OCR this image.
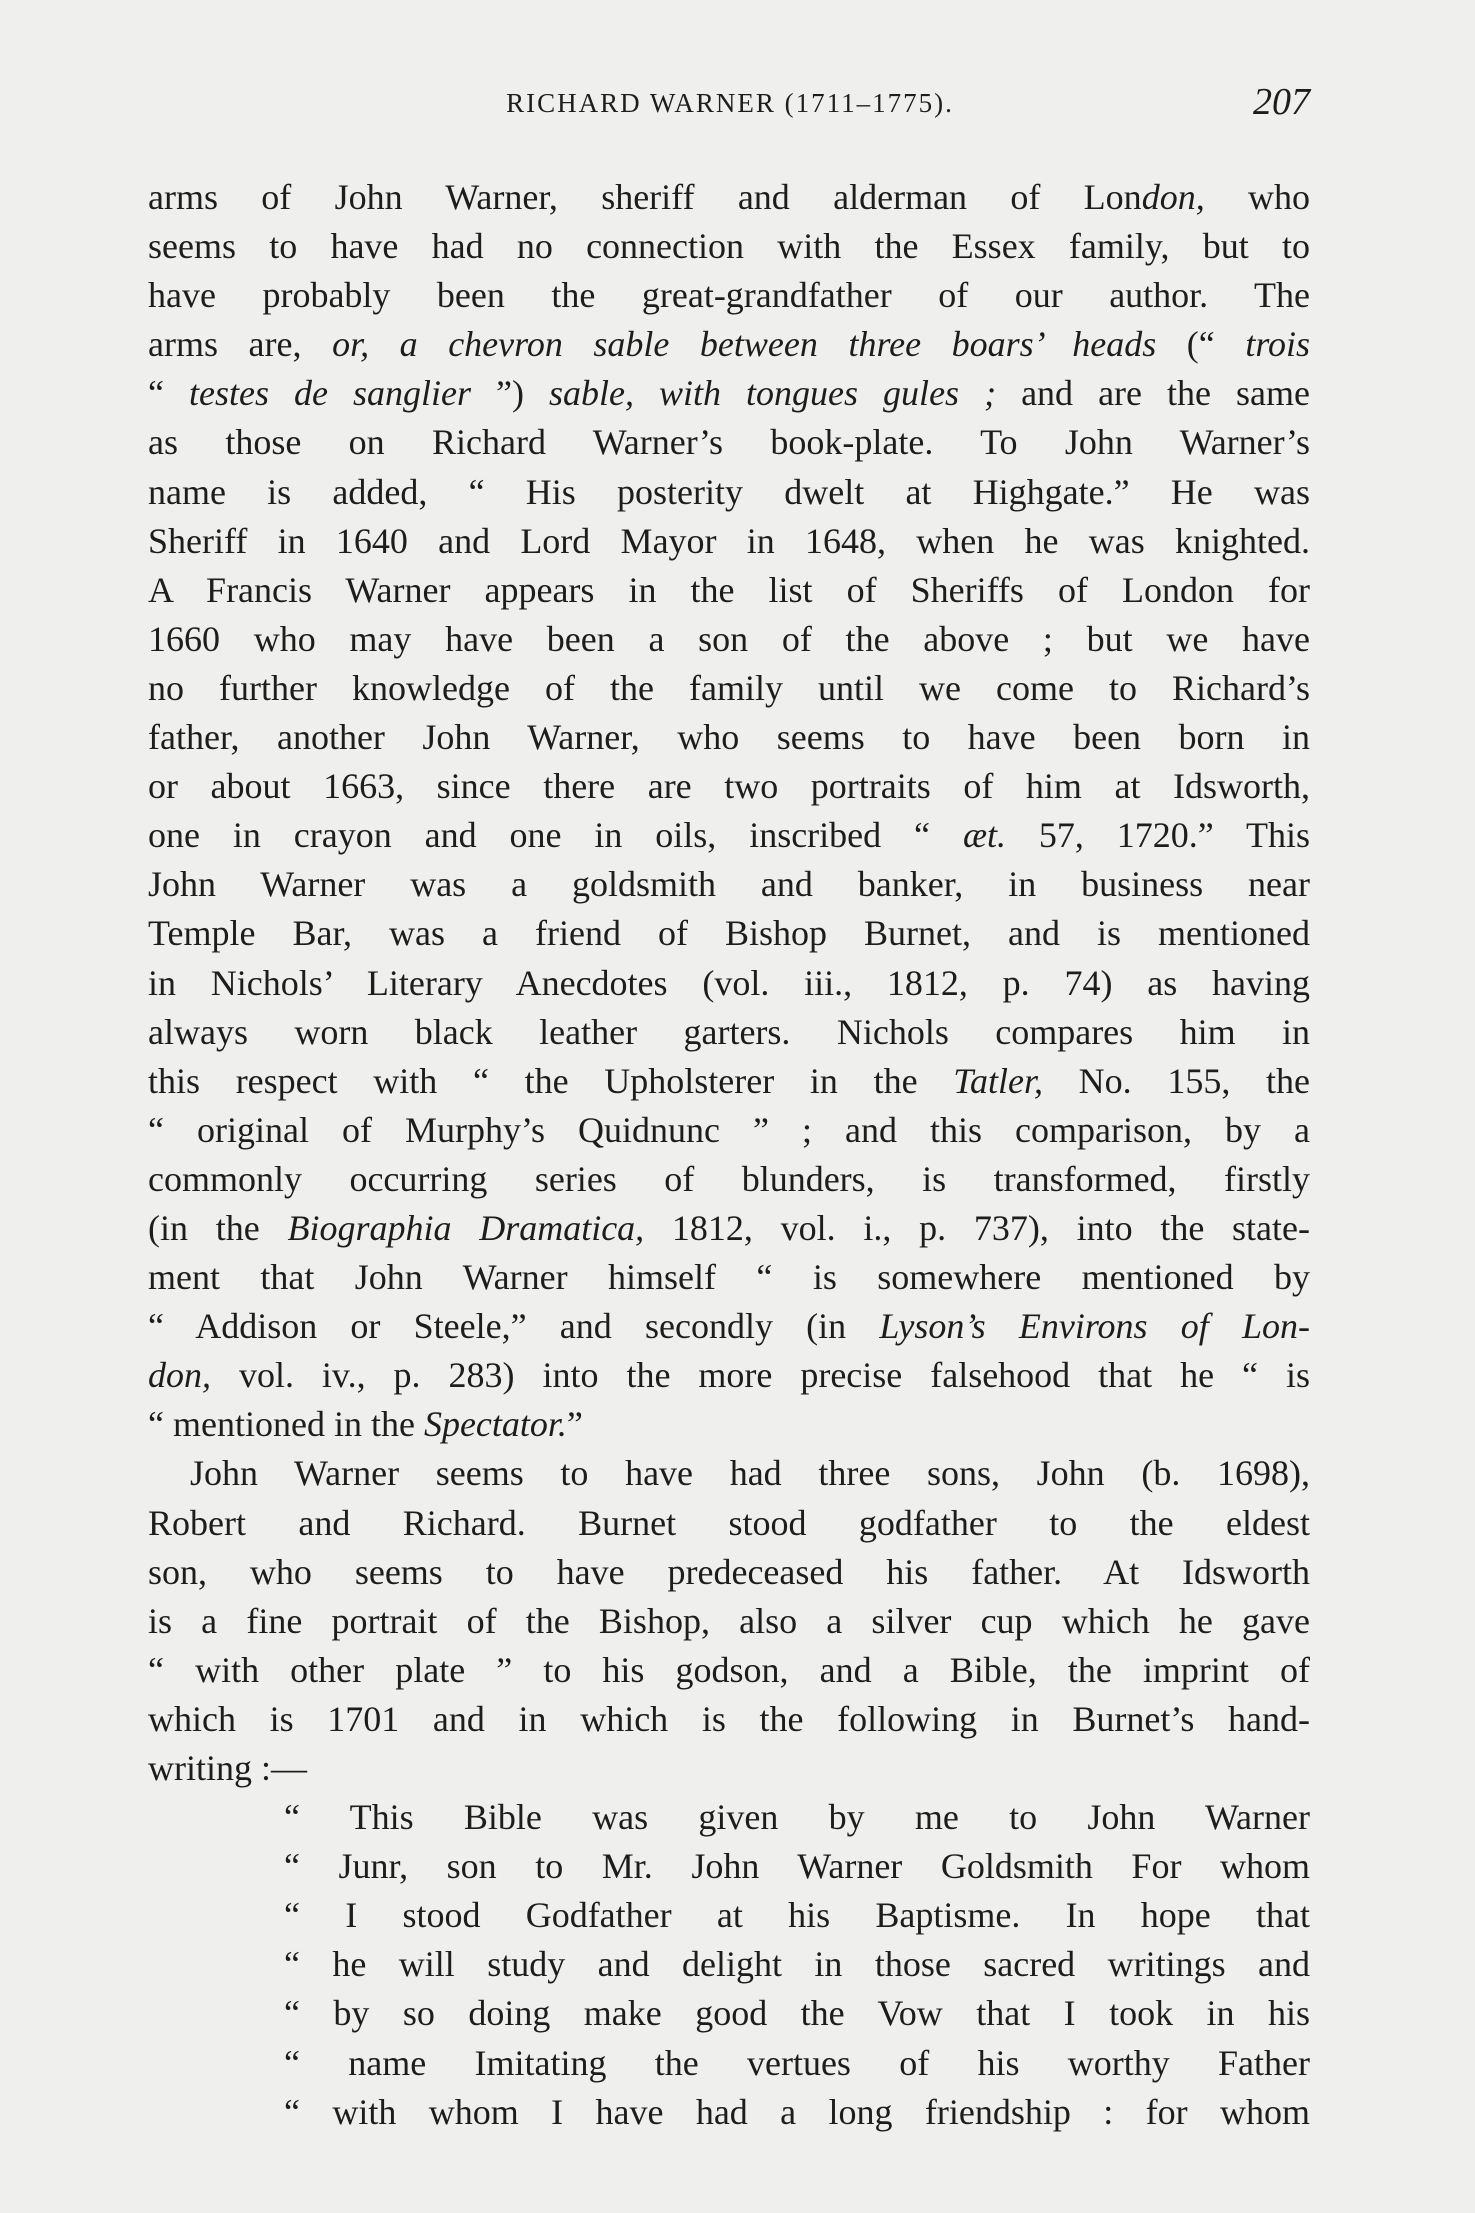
RICHARD WARNER (1711–1775).	207
arms of John Warner, sheriff and alderman of London, who
seems to have had no connection with the Essex family, but to
have probably been the great-grandfather of our author. The
arms are, or, a chevron sable between three boars’ heads (“ trois
“ testes de sanglier ”) sable, with tongues gules ; and are the same
as those on Richard Warner’s book-plate. To John Warner’s
name is added, “ His posterity dwelt at Highgate.” He was
Sheriff in 1640 and Lord Mayor in 1648, when he was knighted.
A Francis Warner appears in the list of Sheriffs of London for
1660 who may have been a son of the above ; but we have
no further knowledge of the family until we come to Richard’s
father, another John Warner, who seems to have been born in
or about 1663, since there are two portraits of him at Idsworth,
one in crayon and one in oils, inscribed “ æt. 57, 1720.” This
John Warner was a goldsmith and banker, in business near
Temple Bar, was a friend of Bishop Burnet, and is mentioned
in Nichols’ Literary Anecdotes (vol. iii., 1812, p. 74) as having
always worn black leather garters. Nichols compares him in
this respect with “ the Upholsterer in the Tatler, No. 155, the
“ original of Murphy’s Quidnunc ” ; and this comparison, by a
commonly occurring series of blunders, is transformed, firstly
(in the Biographia Dramatica, 1812, vol. i., p. 737), into the state-
ment that John Warner himself “ is somewhere mentioned by
“ Addison or Steele,” and secondly (in Lyson’s Environs of Lon-
don, vol. iv., p. 283) into the more precise falsehood that he “ is
“ mentioned in the Spectator.”
John Warner seems to have had three sons, John (b. 1698),
Robert and Richard. Burnet stood godfather to the eldest
son, who seems to have predeceased his father. At Idsworth
is a fine portrait of the Bishop, also a silver cup which he gave
“ with other plate ” to his godson, and a Bible, the imprint of
which is 1701 and in which is the following in Burnet’s hand-
writing :—
“ This Bible was given by me to John Warner
“ Junr, son to Mr. John Warner Goldsmith For whom
“ I stood Godfather at his Baptisme. In hope that
“ he will study and delight in those sacred writings and
“ by so doing make good the Vow that I took in his
“ name Imitating the vertues of his worthy Father
“ with whom I have had a long friendship : for whom
